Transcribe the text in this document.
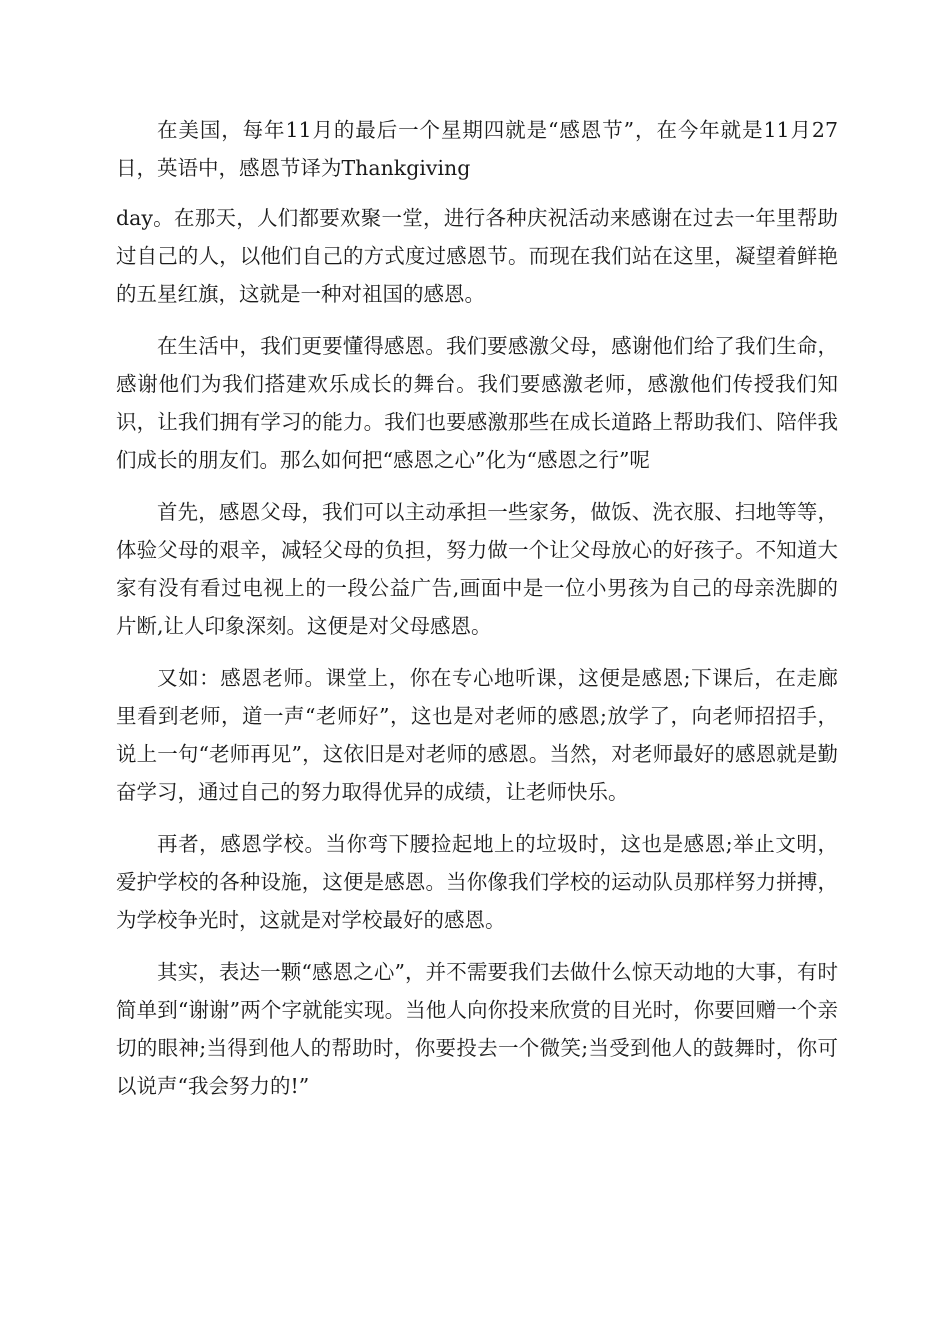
在美国，每年11月的最后一个星期四就是“感恩节”，在今年就是11月27日，英语中，感恩节译为Thankgiving

day。在那天，人们都要欢聚一堂，进行各种庆祝活动来感谢在过去一年里帮助过自己的人，以他们自己的方式度过感恩节。而现在我们站在这里，凝望着鲜艳的五星红旗，这就是一种对祖国的感恩。

在生活中，我们更要懂得感恩。我们要感激父母，感谢他们给了我们生命，感谢他们为我们搭建欢乐成长的舞台。我们要感激老师，感激他们传授我们知识，让我们拥有学习的能力。我们也要感激那些在成长道路上帮助我们、陪伴我们成长的朋友们。那么如何把“感恩之心”化为“感恩之行”呢

首先，感恩父母，我们可以主动承担一些家务，做饭、洗衣服、扫地等等，体验父母的艰辛，减轻父母的负担，努力做一个让父母放心的好孩子。不知道大家有没有看过电视上的一段公益广告,画面中是一位小男孩为自己的母亲洗脚的片断,让人印象深刻。这便是对父母感恩。

又如：感恩老师。课堂上，你在专心地听课，这便是感恩;下课后，在走廊里看到老师，道一声“老师好”，这也是对老师的感恩;放学了，向老师招招手，说上一句“老师再见”，这依旧是对老师的感恩。当然，对老师最好的感恩就是勤奋学习，通过自己的努力取得优异的成绩，让老师快乐。

再者，感恩学校。当你弯下腰捡起地上的垃圾时，这也是感恩;举止文明，爱护学校的各种设施，这便是感恩。当你像我们学校的运动队员那样努力拼搏，为学校争光时，这就是对学校最好的感恩。

其实，表达一颗“感恩之心”，并不需要我们去做什么惊天动地的大事，有时简单到“谢谢”两个字就能实现。当他人向你投来欣赏的目光时，你要回赠一个亲切的眼神;当得到他人的帮助时，你要投去一个微笑;当受到他人的鼓舞时，你可以说声“我会努力的!”
